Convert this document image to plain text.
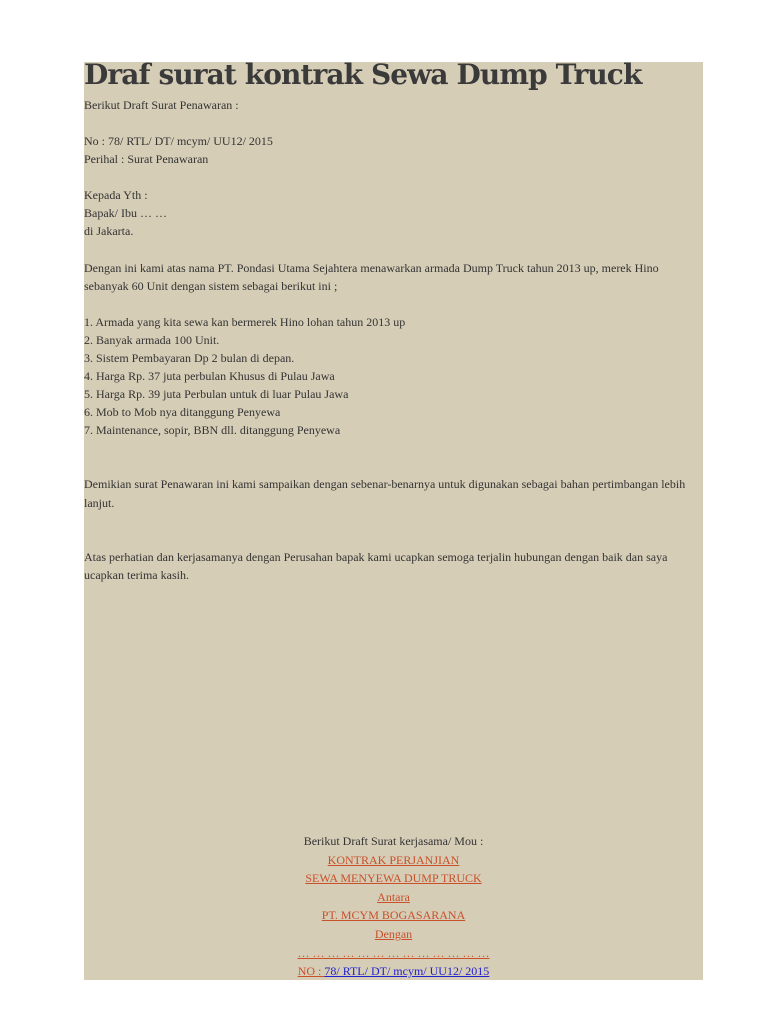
Draf surat kontrak Sewa Dump Truck

Berikut Draft Surat Penawaran :

No : 78/ RTL/ DT/ mcym/ UU12/ 2015

Perihal : Surat Penawaran

Kepada Yth :

Bapak/ Ibu … …

di Jakarta.

Dengan ini kami atas nama PT. Pondasi Utama Sejahtera menawarkan armada Dump Truck tahun 2013 up, merek Hino sebanyak 60 Unit dengan sistem sebagai berikut ini ;

1. Armada yang kita sewa kan bermerek Hino lohan tahun 2013 up

2. Banyak armada 100 Unit.

3. Sistem Pembayaran Dp 2 bulan di depan.

4. Harga Rp. 37 juta perbulan Khusus di Pulau Jawa

5. Harga Rp. 39 juta Perbulan untuk di luar Pulau Jawa

6. Mob to Mob nya ditanggung Penyewa

7. Maintenance, sopir, BBN dll. ditanggung Penyewa

Demikian surat Penawaran ini kami sampaikan dengan sebenar-benarnya untuk digunakan sebagai bahan pertimbangan lebih lanjut.

Atas perhatian dan kerjasamanya dengan Perusahan bapak kami ucapkan semoga terjalin hubungan dengan baik dan saya ucapkan terima kasih.

Berikut Draft Surat kerjasama/ Mou :

KONTRAK PERJANJIAN

SEWA MENYEWA DUMP TRUCK

Antara

PT. MCYM BOGASARANA

Dengan

… … … … … … … … … … … … …

NO : 78/ RTL/ DT/ mcym/ UU12/ 2015
